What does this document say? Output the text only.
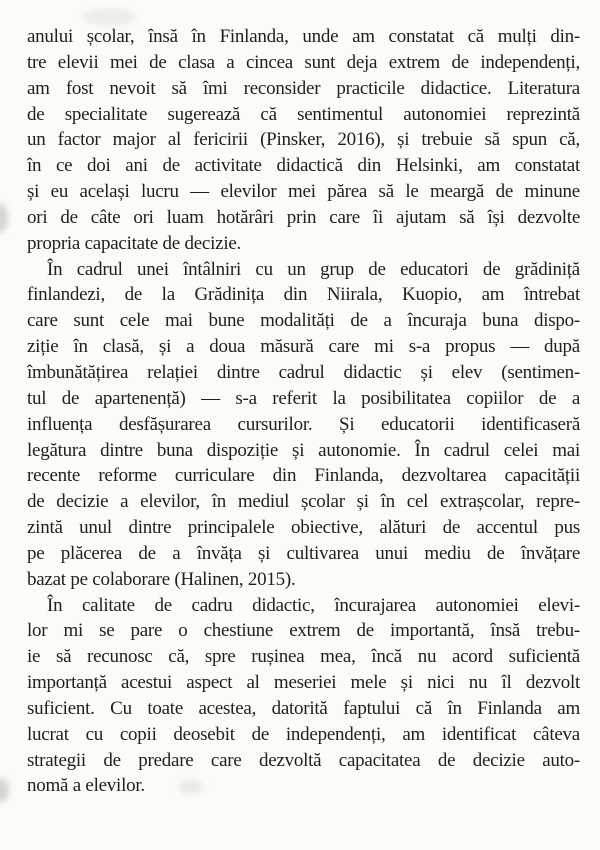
anului școlar, însă în Finlanda, unde am constatat că mulți din-
tre elevii mei de clasa a cincea sunt deja extrem de independenți,
am fost nevoit să îmi reconsider practicile didactice. Literatura
de specialitate sugerează că sentimentul autonomiei reprezintă
un factor major al fericirii (Pinsker, 2016), și trebuie să spun că,
în ce doi ani de activitate didactică din Helsinki, am constatat
și eu același lucru — elevilor mei părea să le meargă de minune
ori de câte ori luam hotărâri prin care îi ajutam să își dezvolte
propria capacitate de decizie.
În cadrul unei întâlniri cu un grup de educatori de grădiniță
finlandezi, de la Grădinița din Niirala, Kuopio, am întrebat
care sunt cele mai bune modalități de a încuraja buna dispo-
ziție în clasă, și a doua măsură care mi s-a propus — după
îmbunătățirea relației dintre cadrul didactic și elev (sentimen-
tul de apartenență) — s-a referit la posibilitatea copiilor de a
influența desfășurarea cursurilor. Și educatorii identificaseră
legătura dintre buna dispoziție și autonomie. În cadrul celei mai
recente reforme curriculare din Finlanda, dezvoltarea capacității
de decizie a elevilor, în mediul școlar și în cel extrașcolar, repre-
zintă unul dintre principalele obiective, alături de accentul pus
pe plăcerea de a învăța și cultivarea unui mediu de învățare
bazat pe colaborare (Halinen, 2015).
În calitate de cadru didactic, încurajarea autonomiei elevi-
lor mi se pare o chestiune extrem de importantă, însă trebu-
ie să recunosc că, spre rușinea mea, încă nu acord suficientă
importanță acestui aspect al meseriei mele și nici nu îl dezvolt
suficient. Cu toate acestea, datorită faptului că în Finlanda am
lucrat cu copii deosebit de independenți, am identificat câteva
strategii de predare care dezvoltă capacitatea de decizie auto-
nomă a elevilor.
